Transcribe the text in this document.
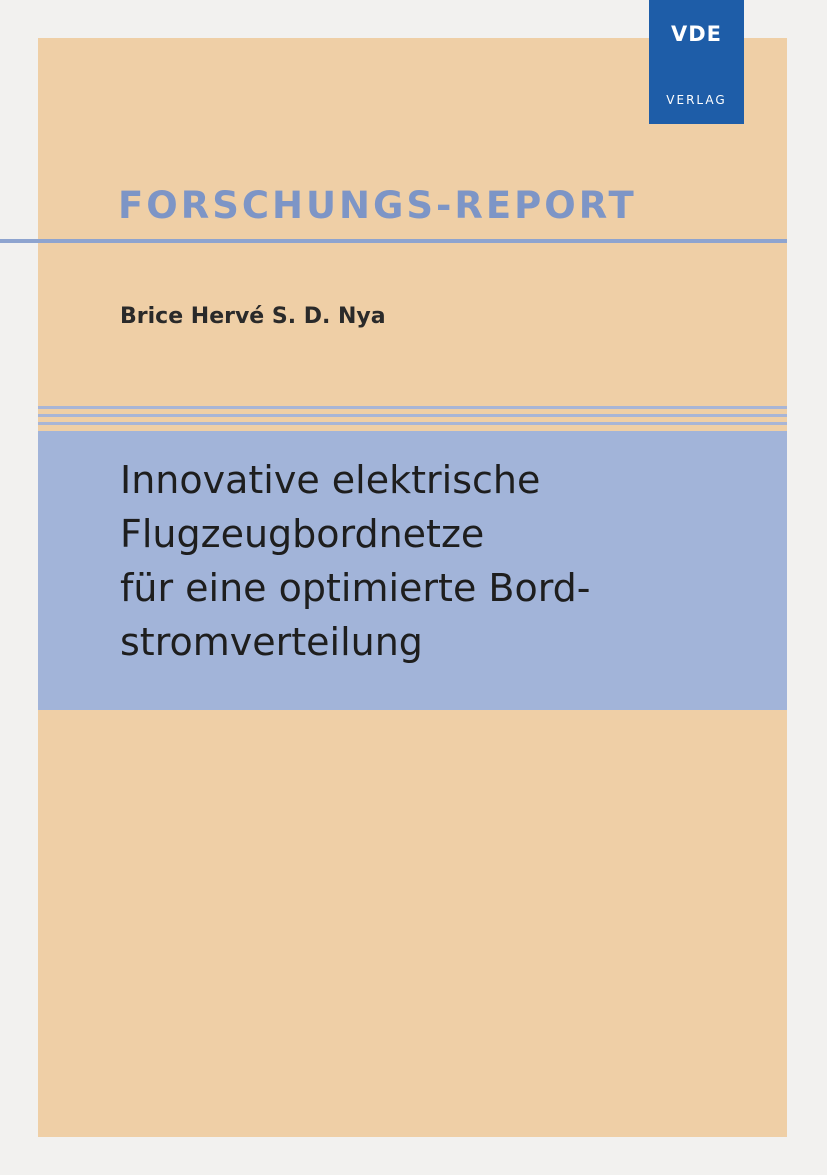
VDE
VERLAG
FORSCHUNGS-REPORT
Brice Hervé S. D. Nya
Innovative elektrische
Flugzeugbordnetze
für eine optimierte Bord-
stromverteilung
